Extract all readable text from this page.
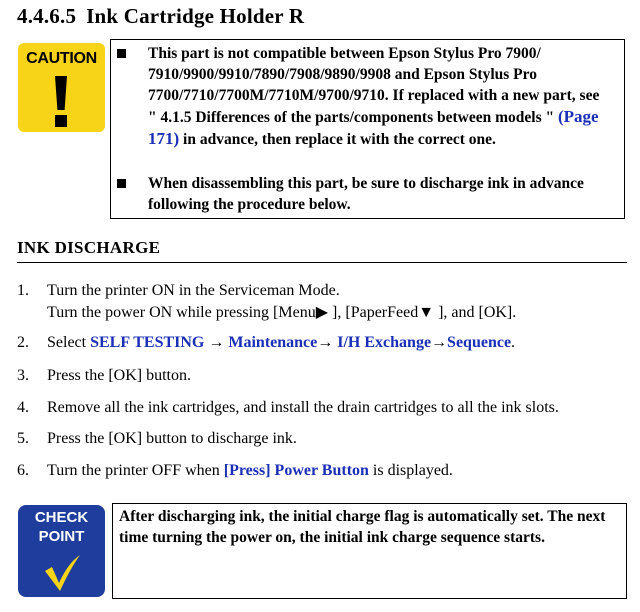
4.4.6.5 Ink Cartridge Holder R
CAUTION	This part is not compatible between Epson Stylus Pro 7900/ 7910/9900/9910/7890/7908/9890/9908 and Epson Stylus Pro 7700/7710/7700M/7710M/9700/9710. If replaced with a new part, see " 4.1.5 Differences of the parts/components between models " (Page 171) in advance, then replace it with the correct one.
When disassembling this part, be sure to discharge ink in advance following the procedure below.
INK DISCHARGE
1. Turn the printer ON in the Serviceman Mode.
Turn the power ON while pressing [Menu▶ ], [PaperFeed▼ ], and [OK].
2. Select SELF TESTING → Maintenance→ I/H Exchange→Sequence.
3. Press the [OK] button.
4. Remove all the ink cartridges, and install the drain cartridges to all the ink slots.
5. Press the [OK] button to discharge ink.
6. Turn the printer OFF when [Press] Power Button is displayed.
CHECK
POINT
After discharging ink, the initial charge flag is automatically set. The next time turning the power on, the initial ink charge sequence starts.
